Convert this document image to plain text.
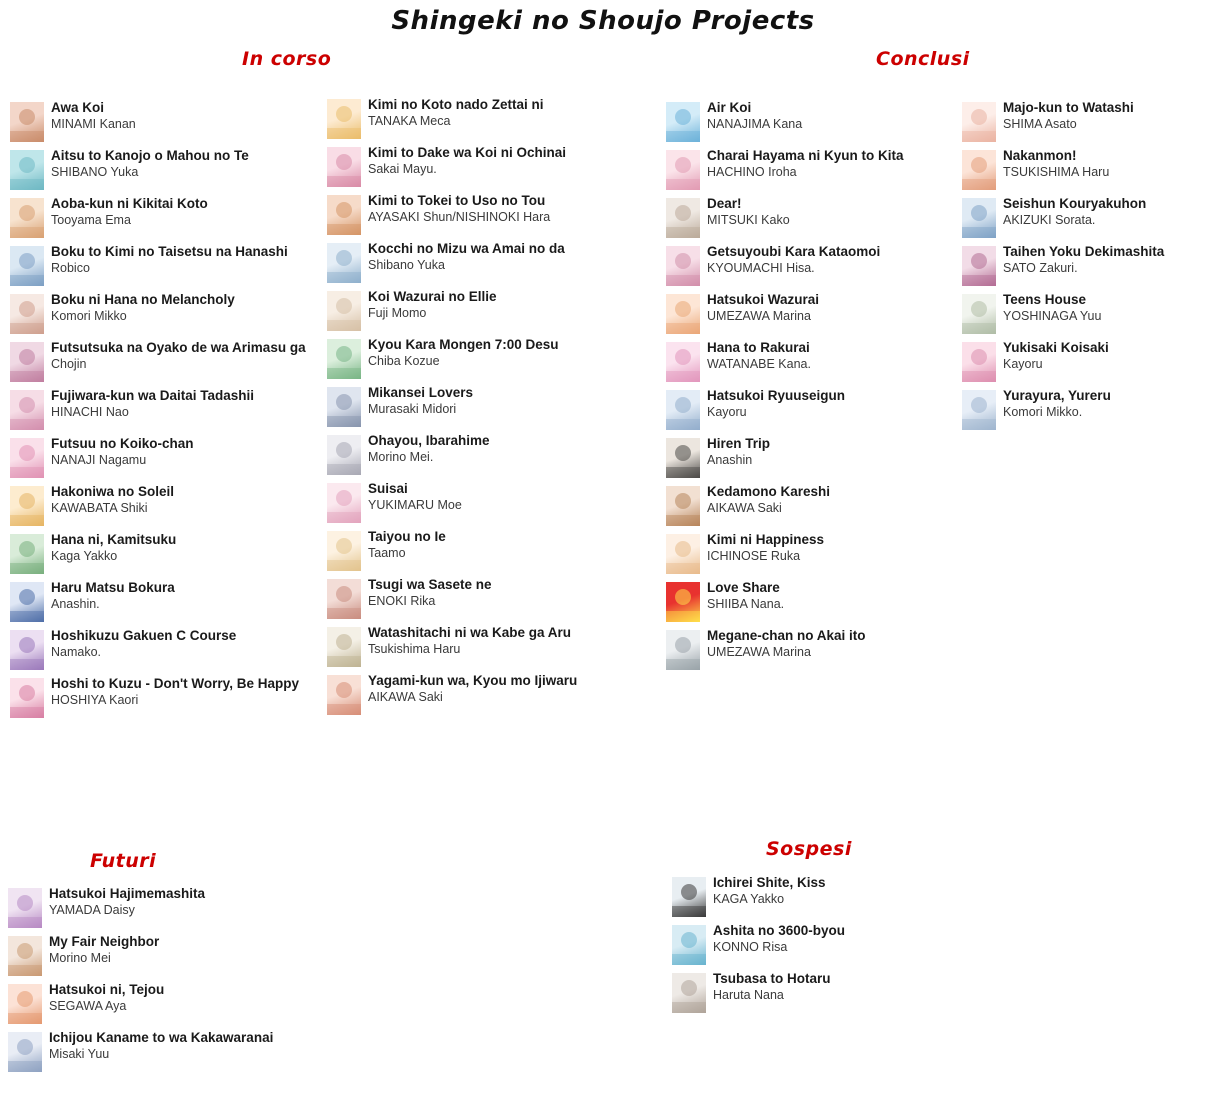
Shingeki no Shoujo Projects
In corso	Conclusi
Futuri
Sospesi
Awa Koi
MINAMI Kanan
Aitsu to Kanojo o Mahou no Te
SHIBANO Yuka
Aoba-kun ni Kikitai Koto
Tooyama Ema
Boku to Kimi no Taisetsu na Hanashi
Robico
Boku ni Hana no Melancholy
Komori Mikko
Futsutsuka na Oyako de wa Arimasu ga
Chojin
Fujiwara-kun wa Daitai Tadashii
HINACHI Nao
Futsuu no Koiko-chan
NANAJI Nagamu
Hakoniwa no Soleil
KAWABATA Shiki
Hana ni, Kamitsuku
Kaga Yakko
Haru Matsu Bokura
Anashin.
Hoshikuzu Gakuen C Course
Namako.
Hoshi to Kuzu - Don't Worry, Be Happy
HOSHIYA Kaori
Kimi no Koto nado Zettai ni
TANAKA Meca
Kimi to Dake wa Koi ni Ochinai
Sakai Mayu.
Kimi to Tokei to Uso no Tou
AYASAKI Shun/NISHINOKI Hara
Kocchi no Mizu wa Amai no da
Shibano Yuka
Koi Wazurai no Ellie
Fuji Momo
Kyou Kara Mongen 7:00 Desu
Chiba Kozue
Mikansei Lovers
Murasaki Midori
Ohayou, Ibarahime
Morino Mei.
Suisai
YUKIMARU Moe
Taiyou no Ie
Taamo
Tsugi wa Sasete ne
ENOKI Rika
Watashitachi ni wa Kabe ga Aru
Tsukishima Haru
Yagami-kun wa, Kyou mo Ijiwaru
AIKAWA Saki
Air Koi
NANAJIMA Kana
Charai Hayama ni Kyun to Kita
HACHINO Iroha
Dear!
MITSUKI Kako
Getsuyoubi Kara Kataomoi
KYOUMACHI Hisa.
Hatsukoi Wazurai
UMEZAWA Marina
Hana to Rakurai
WATANABE Kana.
Hatsukoi Ryuuseigun
Kayoru
Hiren Trip
Anashin
Kedamono Kareshi
AIKAWA Saki
Kimi ni Happiness
ICHINOSE Ruka
Love Share
SHIIBA Nana.
Megane-chan no Akai ito
UMEZAWA Marina
Majo-kun to Watashi
SHIMA Asato
Nakanmon!
TSUKISHIMA Haru
Seishun Kouryakuhon
AKIZUKI Sorata.
Taihen Yoku Dekimashita
SATO Zakuri.
Teens House
YOSHINAGA Yuu
Yukisaki Koisaki
Kayoru
Yurayura, Yureru
Komori Mikko.
Hatsukoi Hajimemashita
YAMADA Daisy
My Fair Neighbor
Morino Mei
Hatsukoi ni, Tejou
SEGAWA Aya
Ichijou Kaname to wa Kakawaranai
Misaki Yuu
Ichirei Shite, Kiss
KAGA Yakko
Ashita no 3600-byou
KONNO Risa
Tsubasa to Hotaru
Haruta Nana
